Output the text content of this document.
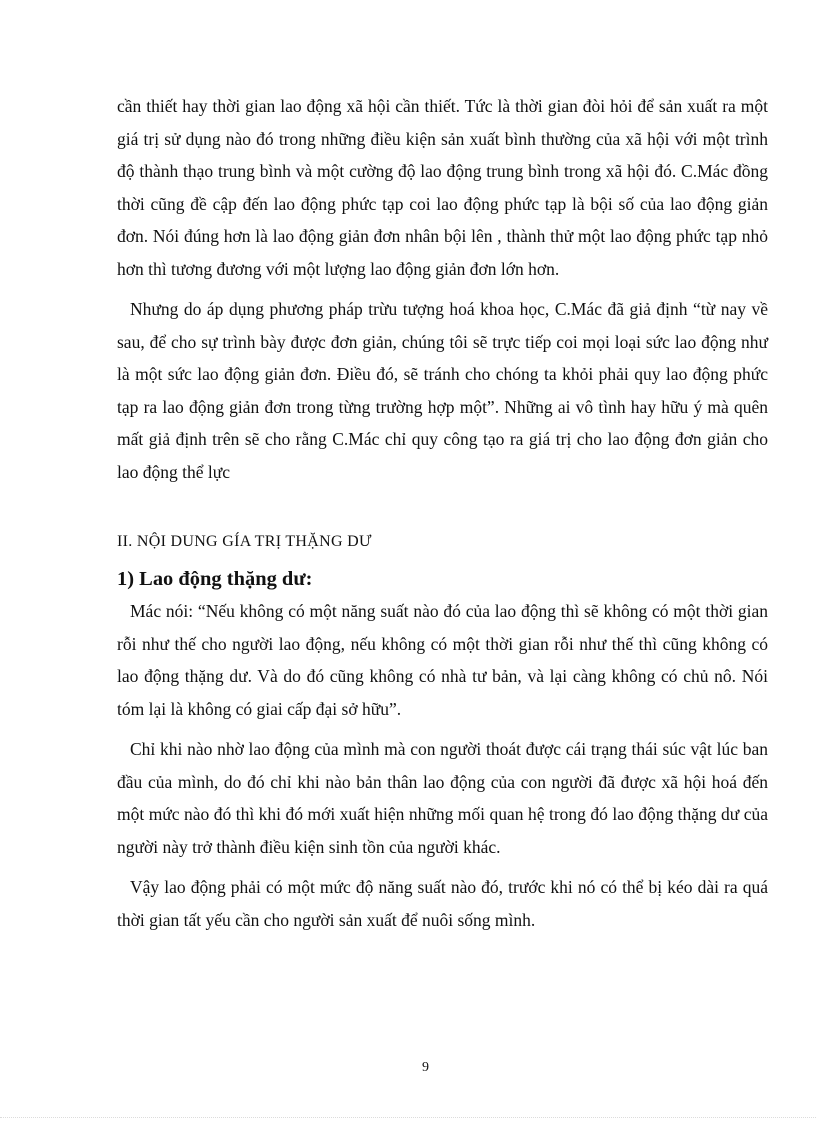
cần thiết hay thời gian lao động xã hội cần thiết. Tức là thời gian đòi hỏi để sản xuất ra một giá trị sử dụng nào đó trong những điều kiện sản xuất bình thường của xã hội với một trình độ thành thạo trung bình và một cường độ lao động trung bình trong xã hội đó. C.Mác đồng thời cũng đề cập đến lao động phức tạp coi lao động phức tạp là bội số của lao động giản đơn. Nói đúng hơn là lao động giản đơn nhân bội lên , thành thử một lao động phức tạp nhỏ hơn thì tương đương với một lượng lao động giản đơn lớn hơn.

Nhưng do áp dụng phương pháp trừu tượng hoá khoa học, C.Mác đã giả định “từ nay về sau, để cho sự trình bày được đơn giản, chúng tôi sẽ trực tiếp coi mọi loại sức lao động như là một sức lao động giản đơn. Điều đó, sẽ tránh cho chóng ta khỏi phải quy lao động phức tạp ra lao động giản đơn trong từng trường hợp một”. Những ai vô tình hay hữu ý mà quên mất giả định trên sẽ cho rằng C.Mác chỉ quy công tạo ra giá trị cho lao động đơn giản cho lao động thể lực

II. NỘI DUNG GÍA TRỊ THẶNG DƯ
1) Lao động thặng dư:

Mác nói: “Nếu không có một năng suất nào đó của lao động thì sẽ không có một thời gian rỗi như thế cho người lao động, nếu không có một thời gian rỗi như thế thì cũng không có lao động thặng dư. Và do đó cũng không có nhà tư bản, và lại càng không có chủ nô. Nói tóm lại là không có giai cấp đại sở hữu”.

Chỉ khi nào nhờ lao động của mình mà con người thoát được cái trạng thái súc vật lúc ban đầu của mình, do đó chỉ khi nào bản thân lao động của con người đã được xã hội hoá đến một mức nào đó thì khi đó mới xuất hiện những mối quan hệ trong đó lao động thặng dư của người này trở thành điều kiện sinh tồn của người khác.

Vậy lao động phải có một mức độ năng suất nào đó, trước khi nó có thể bị kéo dài ra quá thời gian tất yếu cần cho người sản xuất để nuôi sống mình.

9
